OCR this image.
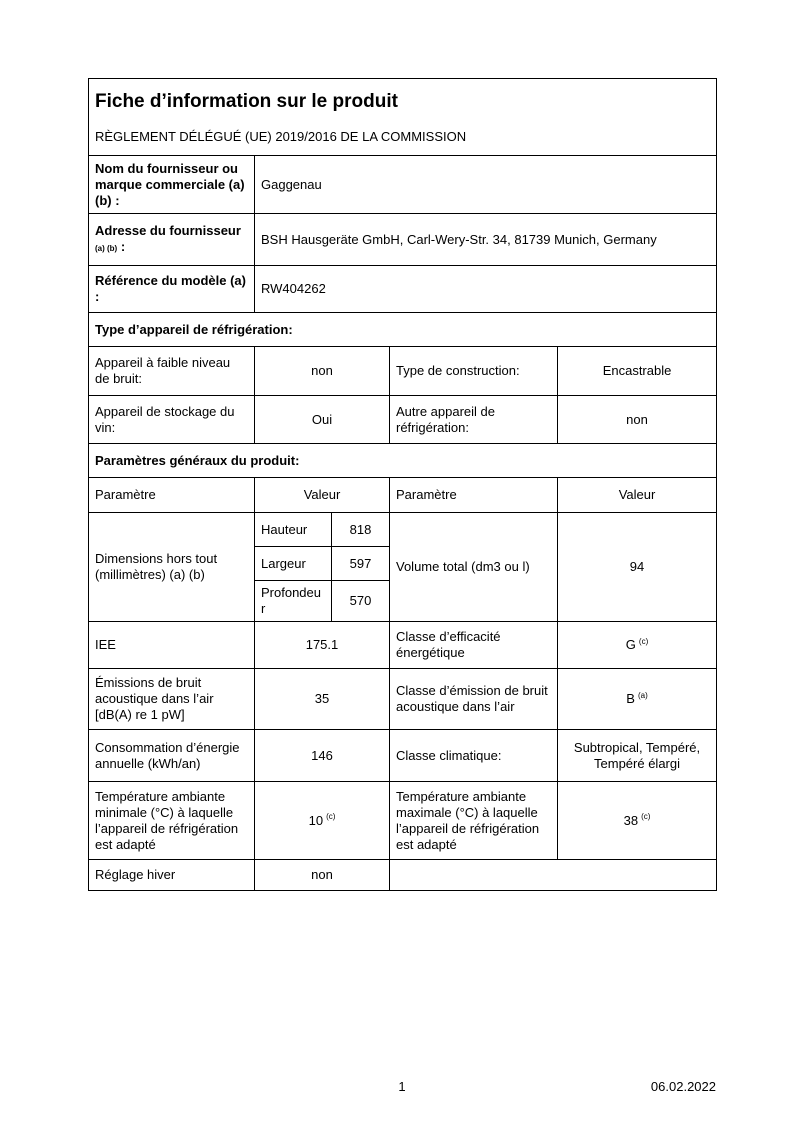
Fiche d’information sur le produit
RÈGLEMENT DÉLÉGUÉ (UE) 2019/2016 DE LA COMMISSION				

Nom du fournisseur ou marque commerciale (a) (b) :	Gaggenau			
Adresse du fournisseur
(a) (b) :	BSH Hausgeräte GmbH, Carl-Wery-Str. 34, 81739 Munich, Germany			
Référence du modèle (a) :	RW404262			
Type d’appareil de réfrigération:				
Appareil à faible niveau de bruit:	non		Type de construction:	Encastrable
Appareil de stockage du vin:	Oui		Autre appareil de réfrigération:	non
Paramètres généraux du produit:				
Paramètre	Valeur		Paramètre	Valeur
Dimensions hors tout (millimètres) (a) (b)	Hauteur	818	Volume total (dm3 ou l)	94
	Largeur	597		
	Profondeur	570		
IEE	175.1		Classe d’efficacité énergétique	G $^{(c)}$
Émissions de bruit acoustique dans l’air [dB(A) re 1 pW]	35		Classe d’émission de bruit acoustique dans l’air	B $^{(a)}$
Consommation d’énergie annuelle (kWh/an)	146		Classe climatique:	Subtropical, Tempéré, Tempéré élargi
Température ambiante minimale (°C) à laquelle l’appareil de réfrigération est adapté	10 $^{(c)}$		Température ambiante maximale (°C) à laquelle l’appareil de réfrigération est adapté	38 $^{(c)}$
Réglage hiver	non			
1	06.02.2022
